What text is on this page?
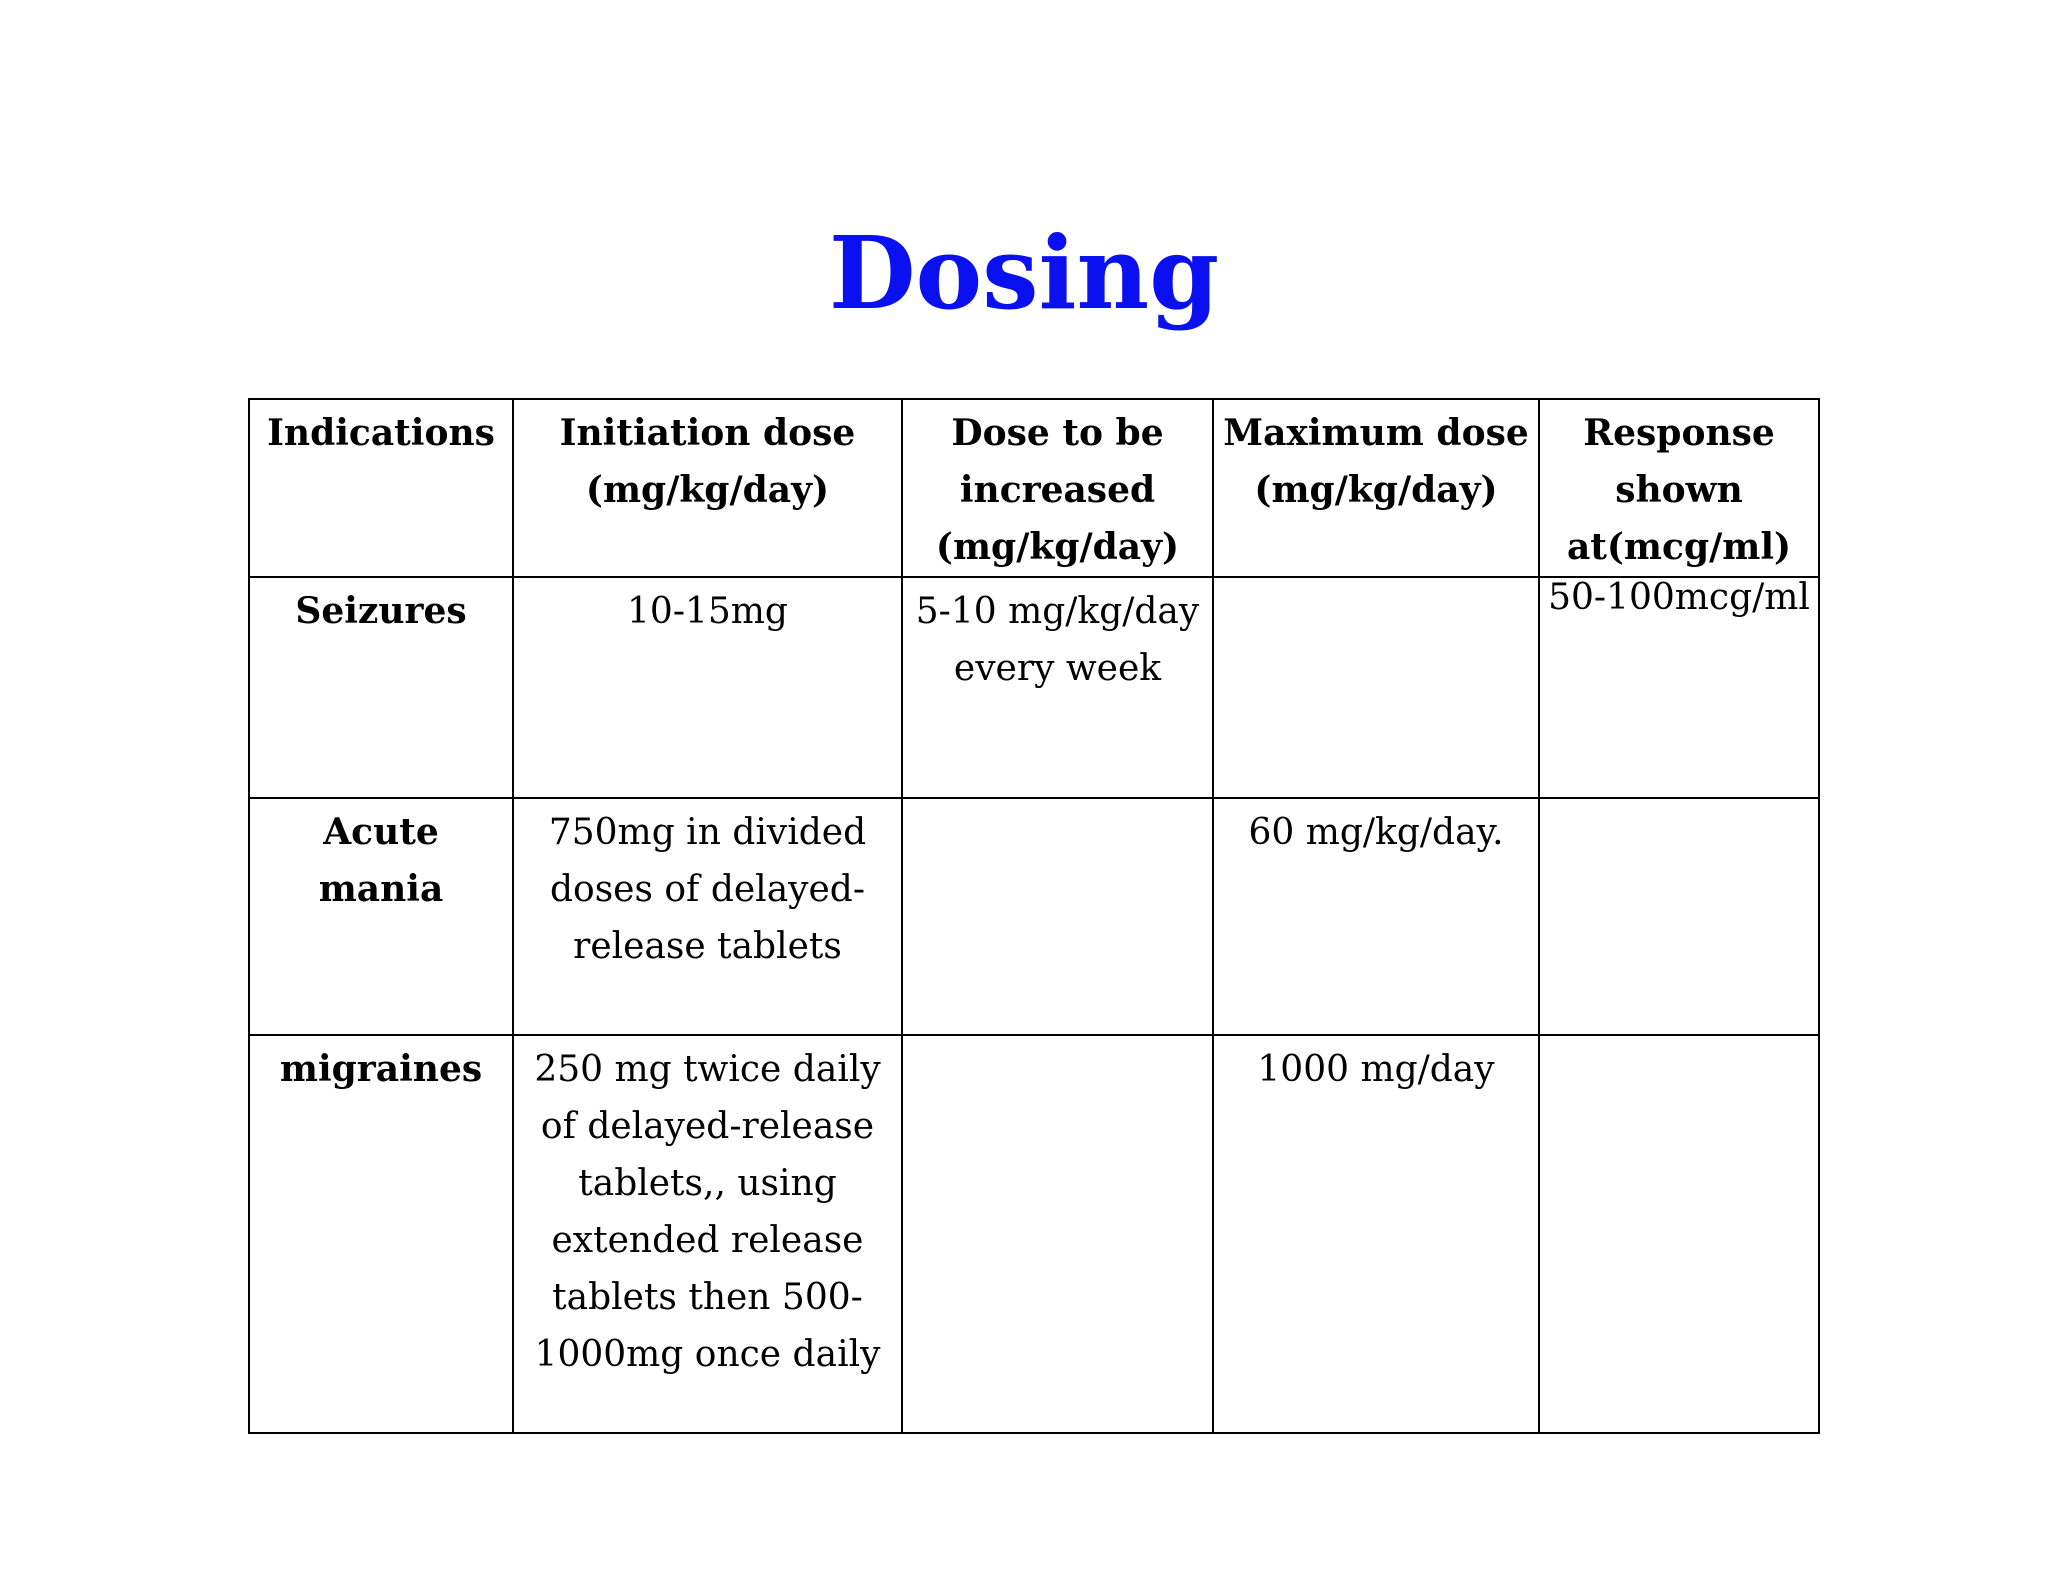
Dosing
Indications	Initiation dose (mg/kg/day)	Dose to be increased (mg/kg/day)	Maximum dose (mg/kg/day)	Response shown at(mcg/ml)
Seizures	10-15mg	5-10 mg/kg/day every week		50-100mcg/ml
Acute mania	750mg in divided doses of delayed-release tablets		60 mg/kg/day.	
migraines	250 mg twice daily of delayed-release tablets,, using extended release tablets then 500-1000mg once daily		1000 mg/day	
